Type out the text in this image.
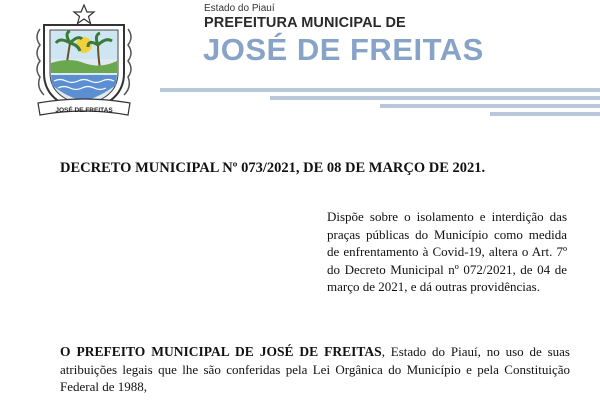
JOSÉ DE FREITAS
Estado do Piauí
PREFEITURA MUNICIPAL DE
JOSÉ DE FREITAS
DECRETO MUNICIPAL Nº 073/2021, DE 08 DE MARÇO DE 2021.
Dispõe sobre o isolamento e interdição das praças públicas do Município como medida de enfrentamento à Covid-19, altera o Art. 7º do Decreto Municipal nº 072/2021, de 04 de março de 2021, e dá outras providências.
O PREFEITO MUNICIPAL DE JOSÉ DE FREITAS, Estado do Piauí, no uso de suas atribuições legais que lhe são conferidas pela Lei Orgânica do Município e pela Constituição Federal de 1988,
